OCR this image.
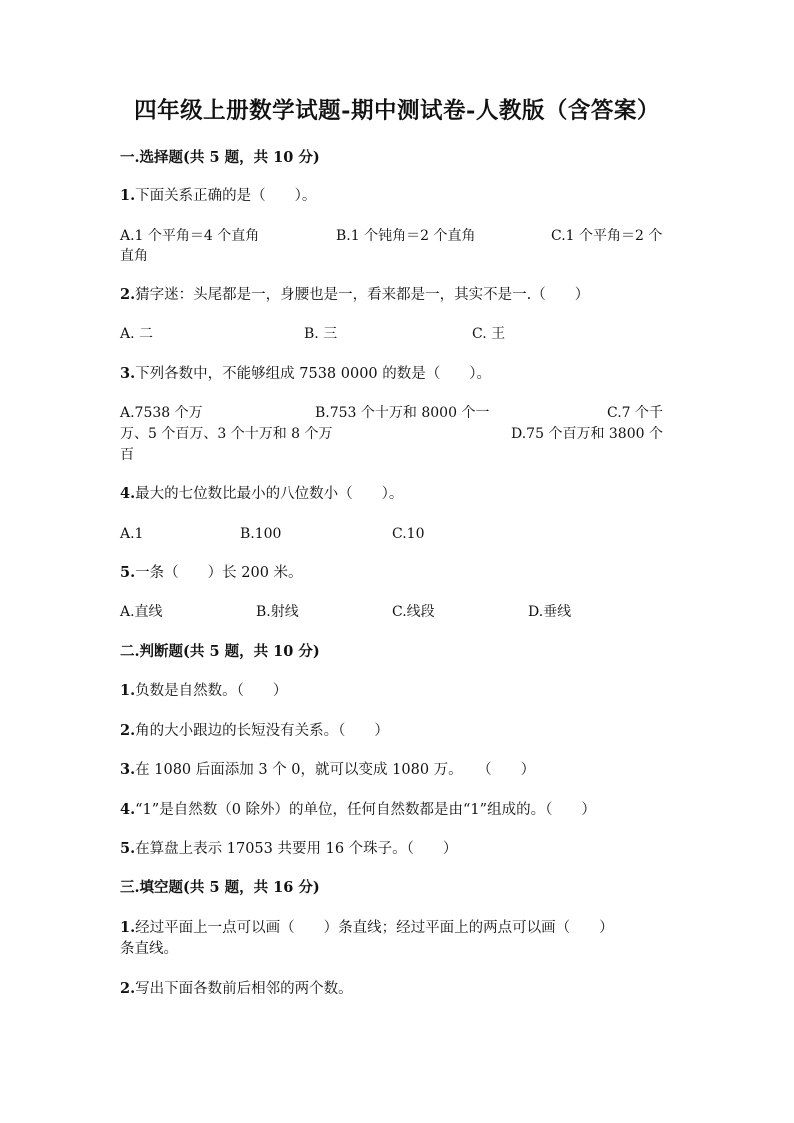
四年级上册数学试题-期中测试卷-人教版（含答案）
一.选择题(共 5 题，共 10 分)
1.下面关系正确的是（　　）。
A.1 个平角＝4 个直角	B.1 个钝角＝2 个直角	C.1 个平角＝2 个
直角
2.猜字迷：头尾都是一，身腰也是一，看来都是一，其实不是一.（　　）
A. 二	B. 三	C. 王
3.下列各数中，不能够组成 7538 0000 的数是（　　）。
A.7538 个万	B.753 个十万和 8000 个一	C.7 个千
万、5 个百万、3 个十万和 8 个万	D.75 个百万和 3800 个
百
4.最大的七位数比最小的八位数小（　　）。
A.1	B.100	C.10
5.一条（　　）长 200 米。
A.直线	B.射线	C.线段	D.垂线
二.判断题(共 5 题，共 10 分)
1.负数是自然数。（　　）
2.角的大小跟边的长短没有关系。（　　）
3.在 1080 后面添加 3 个 0，就可以变成 1080 万。　　（　　）
4.“1”是自然数（0 除外）的单位，任何自然数都是由“1”组成的。（　　）
5.在算盘上表示 17053 共要用 16 个珠子。（　　）
三.填空题(共 5 题，共 16 分)
1.经过平面上一点可以画（　　）条直线；经过平面上的两点可以画（　　）
条直线。
2.写出下面各数前后相邻的两个数。
